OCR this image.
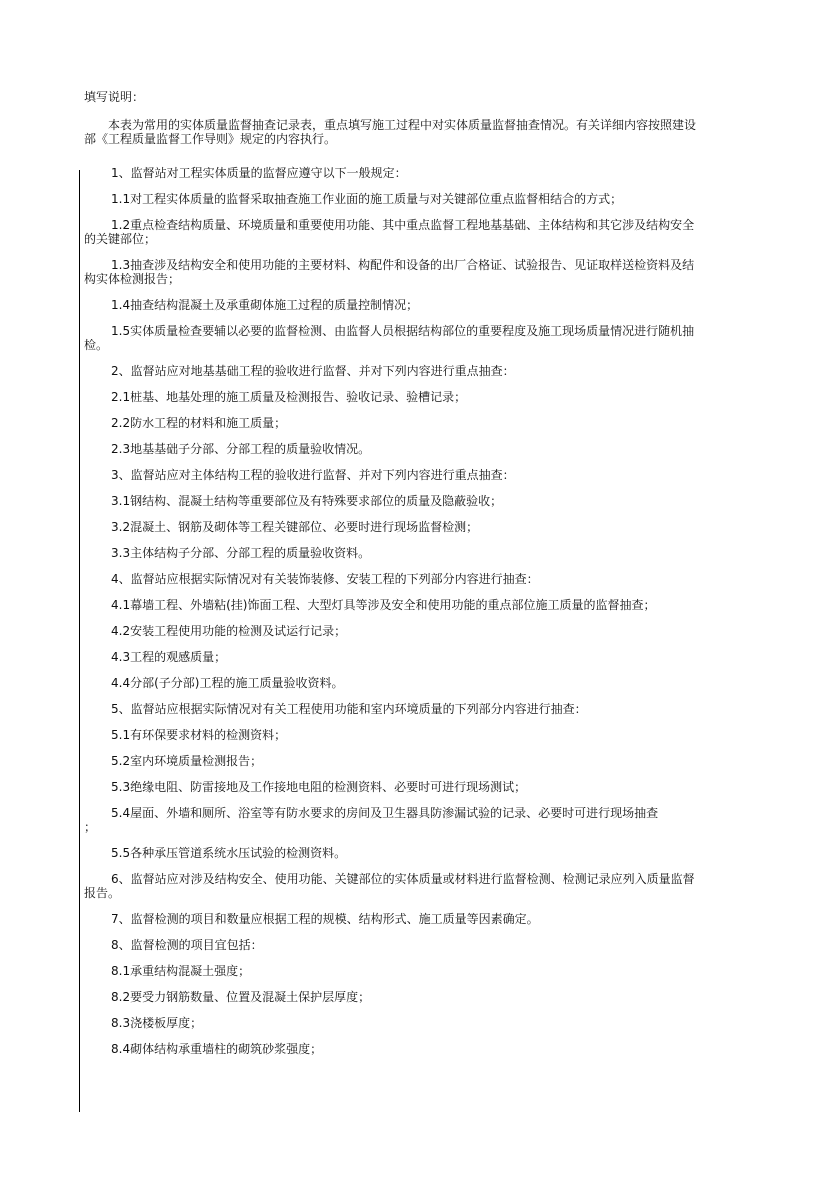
填写说明：

本表为常用的实体质量监督抽查记录表，重点填写施工过程中对实体质量监督抽查情况。有关详细内容按照建设
部《工程质量监督工作导则》规定的内容执行。

1、监督站对工程实体质量的监督应遵守以下一般规定：

1.1对工程实体质量的监督采取抽查施工作业面的施工质量与对关键部位重点监督相结合的方式；

1.2重点检查结构质量、环境质量和重要使用功能、其中重点监督工程地基基础、主体结构和其它涉及结构安全
的关键部位；

1.3抽查涉及结构安全和使用功能的主要材料、构配件和设备的出厂合格证、试验报告、见证取样送检资料及结
构实体检测报告；

1.4抽查结构混凝土及承重砌体施工过程的质量控制情况；

1.5实体质量检查要辅以必要的监督检测、由监督人员根据结构部位的重要程度及施工现场质量情况进行随机抽
检。

2、监督站应对地基基础工程的验收进行监督、并对下列内容进行重点抽查：

2.1桩基、地基处理的施工质量及检测报告、验收记录、验槽记录；

2.2防水工程的材料和施工质量；

2.3地基基础子分部、分部工程的质量验收情况。

3、监督站应对主体结构工程的验收进行监督、并对下列内容进行重点抽查：

3.1钢结构、混凝土结构等重要部位及有特殊要求部位的质量及隐蔽验收；

3.2混凝土、钢筋及砌体等工程关键部位、必要时进行现场监督检测；

3.3主体结构子分部、分部工程的质量验收资料。

4、监督站应根据实际情况对有关装饰装修、安装工程的下列部分内容进行抽查：

4.1幕墙工程、外墙粘(挂)饰面工程、大型灯具等涉及安全和使用功能的重点部位施工质量的监督抽查；

4.2安装工程使用功能的检测及试运行记录；

4.3工程的观感质量；

4.4分部(子分部)工程的施工质量验收资料。

5、监督站应根据实际情况对有关工程使用功能和室内环境质量的下列部分内容进行抽查：

5.1有环保要求材料的检测资料；

5.2室内环境质量检测报告；

5.3绝缘电阻、防雷接地及工作接地电阻的检测资料、必要时可进行现场测试；

5.4屋面、外墙和厕所、浴室等有防水要求的房间及卫生器具防渗漏试验的记录、必要时可进行现场抽查
；

5.5各种承压管道系统水压试验的检测资料。

6、监督站应对涉及结构安全、使用功能、关键部位的实体质量或材料进行监督检测、检测记录应列入质量监督
报告。

7、监督检测的项目和数量应根据工程的规模、结构形式、施工质量等因素确定。

8、监督检测的项目宜包括：

8.1承重结构混凝土强度；

8.2要受力钢筋数量、位置及混凝土保护层厚度；

8.3浇楼板厚度；

8.4砌体结构承重墙柱的砌筑砂浆强度；
